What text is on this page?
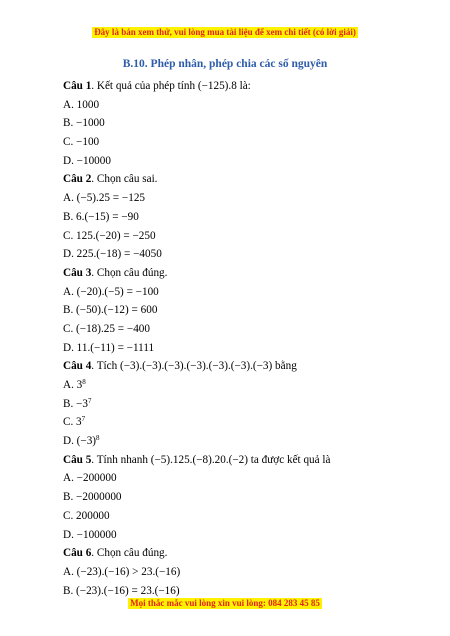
Đây là bản xem thử, vui lòng mua tài liệu để xem chi tiết (có lời giải)
B.10. Phép nhân, phép chia các số nguyên
Câu 1. Kết quả của phép tính (−125).8 là:
A. 1000
B. −1000
C. −100
D. −10000
Câu 2. Chọn câu sai.
A. (−5).25 = −125
B. 6.(−15) = −90
C. 125.(−20) = −250
D. 225.(−18) = −4050
Câu 3. Chọn câu đúng.
A. (−20).(−5) = −100
B. (−50).(−12) = 600
C. (−18).25 = −400
D. 11.(−11) = −1111
Câu 4. Tích (−3).(−3).(−3).(−3).(−3).(−3).(−3) bằng
A. $3^8$
B. $-3^7$
C. $3^7$
D. $(-3)^8$
Câu 5. Tính nhanh (−5).125.(−8).20.(−2) ta được kết quả là
A. −200000
B. −2000000
C. 200000
D. −100000
Câu 6. Chọn câu đúng.
A. (−23).(−16) > 23.(−16)
B. (−23).(−16) = 23.(−16)
Mọi thắc mắc vui lòng xin vui lòng: 084 283 45 85
